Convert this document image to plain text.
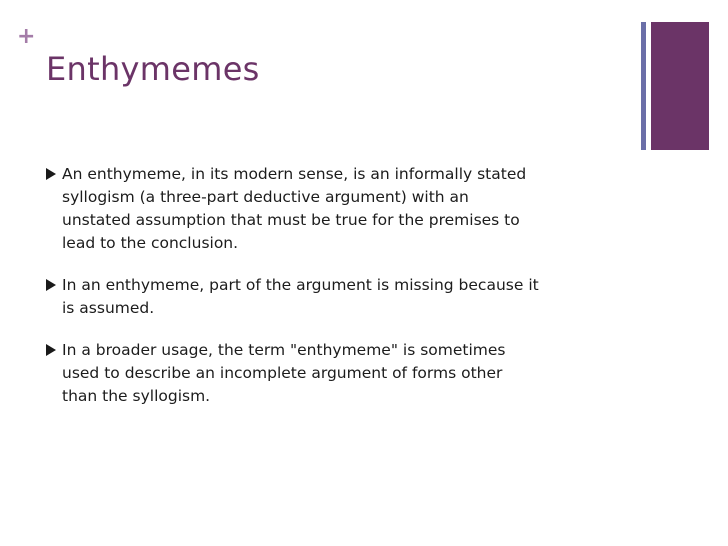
+
Enthymemes
An enthymeme, in its modern sense, is an informally stated
syllogism (a three-part deductive argument) with an
unstated assumption that must be true for the premises to
lead to the conclusion.
In an enthymeme, part of the argument is missing because it
is assumed.
In a broader usage, the term "enthymeme" is sometimes
used to describe an incomplete argument of forms other
than the syllogism.
